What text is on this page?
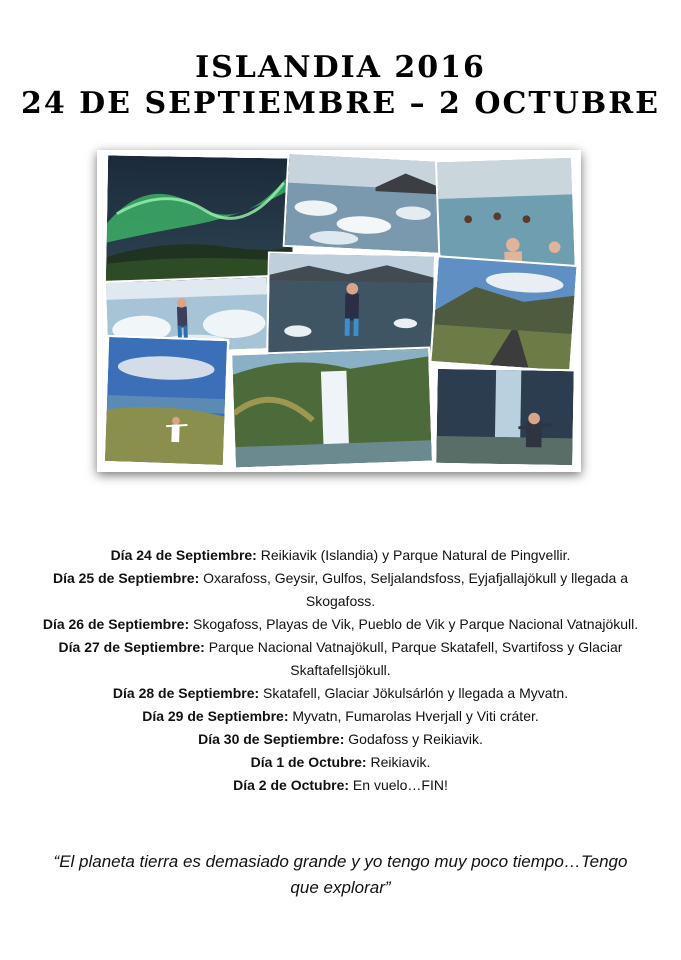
ISLANDIA 2016
24 DE SEPTIEMBRE – 2 OCTUBRE

Día 24 de Septiembre: Reikiavik (Islandia) y Parque Natural de Pingvellir.

Día 25 de Septiembre: Oxarafoss, Geysir, Gulfos, Seljalandsfoss, Eyjafjallajökull y llegada a Skogafoss.

Día 26 de Septiembre: Skogafoss, Playas de Vik, Pueblo de Vik y Parque Nacional Vatnajökull.

Día 27 de Septiembre: Parque Nacional Vatnajökull, Parque Skatafell, Svartifoss y Glaciar Skaftafellsjökull.

Día 28 de Septiembre: Skatafell, Glaciar Jökulsárlón y llegada a Myvatn.

Día 29 de Septiembre: Myvatn, Fumarolas Hverjall y Viti cráter.

Día 30 de Septiembre: Godafoss y Reikiavik.

Día 1 de Octubre: Reikiavik.

Día 2 de Octubre: En vuelo…FIN!

“El planeta tierra es demasiado grande y yo tengo muy poco tiempo…Tengo que explorar”
